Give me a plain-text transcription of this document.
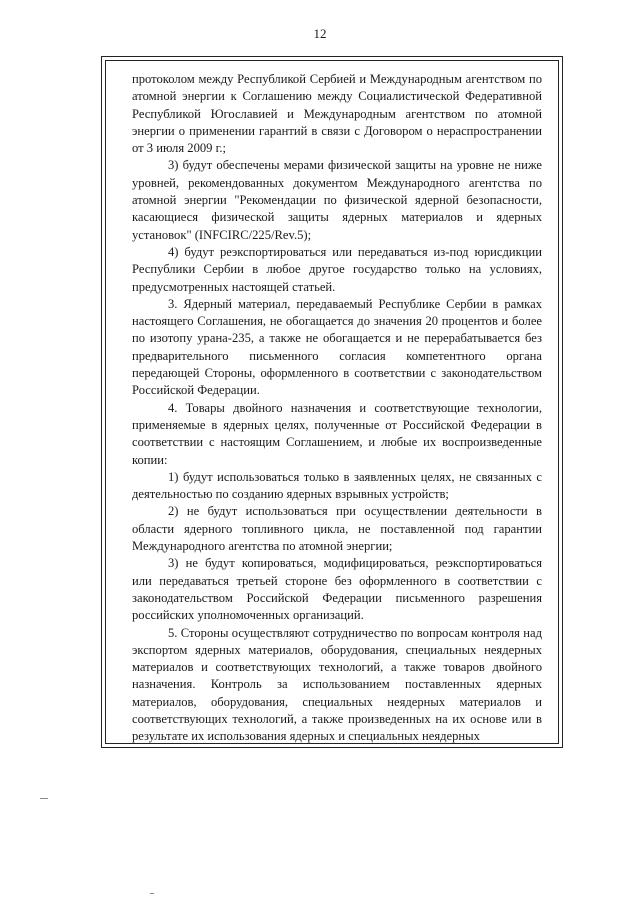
12

протоколом между Республикой Сербией и Международным агентством по атомной энергии к Соглашению между Социалистической Федеративной Республикой Югославией и Международным агентством по атомной энергии о применении гарантий в связи с Договором о нераспространении от 3 июля 2009 г.;

3) будут обеспечены мерами физической защиты на уровне не ниже уровней, рекомендованных документом Международного агентства по атомной энергии "Рекомендации по физической ядерной безопасности, касающиеся физической защиты ядерных материалов и ядерных установок" (INFCIRC/225/Rev.5);

4) будут реэкспортироваться или передаваться из-под юрисдикции Республики Сербии в любое другое государство только на условиях, предусмотренных настоящей статьей.

3. Ядерный материал, передаваемый Республике Сербии в рамках настоящего Соглашения, не обогащается до значения 20 процентов и более по изотопу урана-235, а также не обогащается и не перерабатывается без предварительного письменного согласия компетентного органа передающей Стороны, оформленного в соответствии с законодательством Российской Федерации.

4. Товары двойного назначения и соответствующие технологии, применяемые в ядерных целях, полученные от Российской Федерации в соответствии с настоящим Соглашением, и любые их воспроизведенные копии:

1) будут использоваться только в заявленных целях, не связанных с деятельностью по созданию ядерных взрывных устройств;

2) не будут использоваться при осуществлении деятельности в области ядерного топливного цикла, не поставленной под гарантии Международного агентства по атомной энергии;

3) не будут копироваться, модифицироваться, реэкспортироваться или передаваться третьей стороне без оформленного в соответствии с законодательством Российской Федерации письменного разрешения российских уполномоченных организаций.

5. Стороны осуществляют сотрудничество по вопросам контроля над экспортом ядерных материалов, оборудования, специальных неядерных материалов и соответствующих технологий, а также товаров двойного назначения. Контроль за использованием поставленных ядерных материалов, оборудования, специальных неядерных материалов и соответствующих технологий, а также произведенных на их основе или в результате их использования ядерных и специальных неядерных
